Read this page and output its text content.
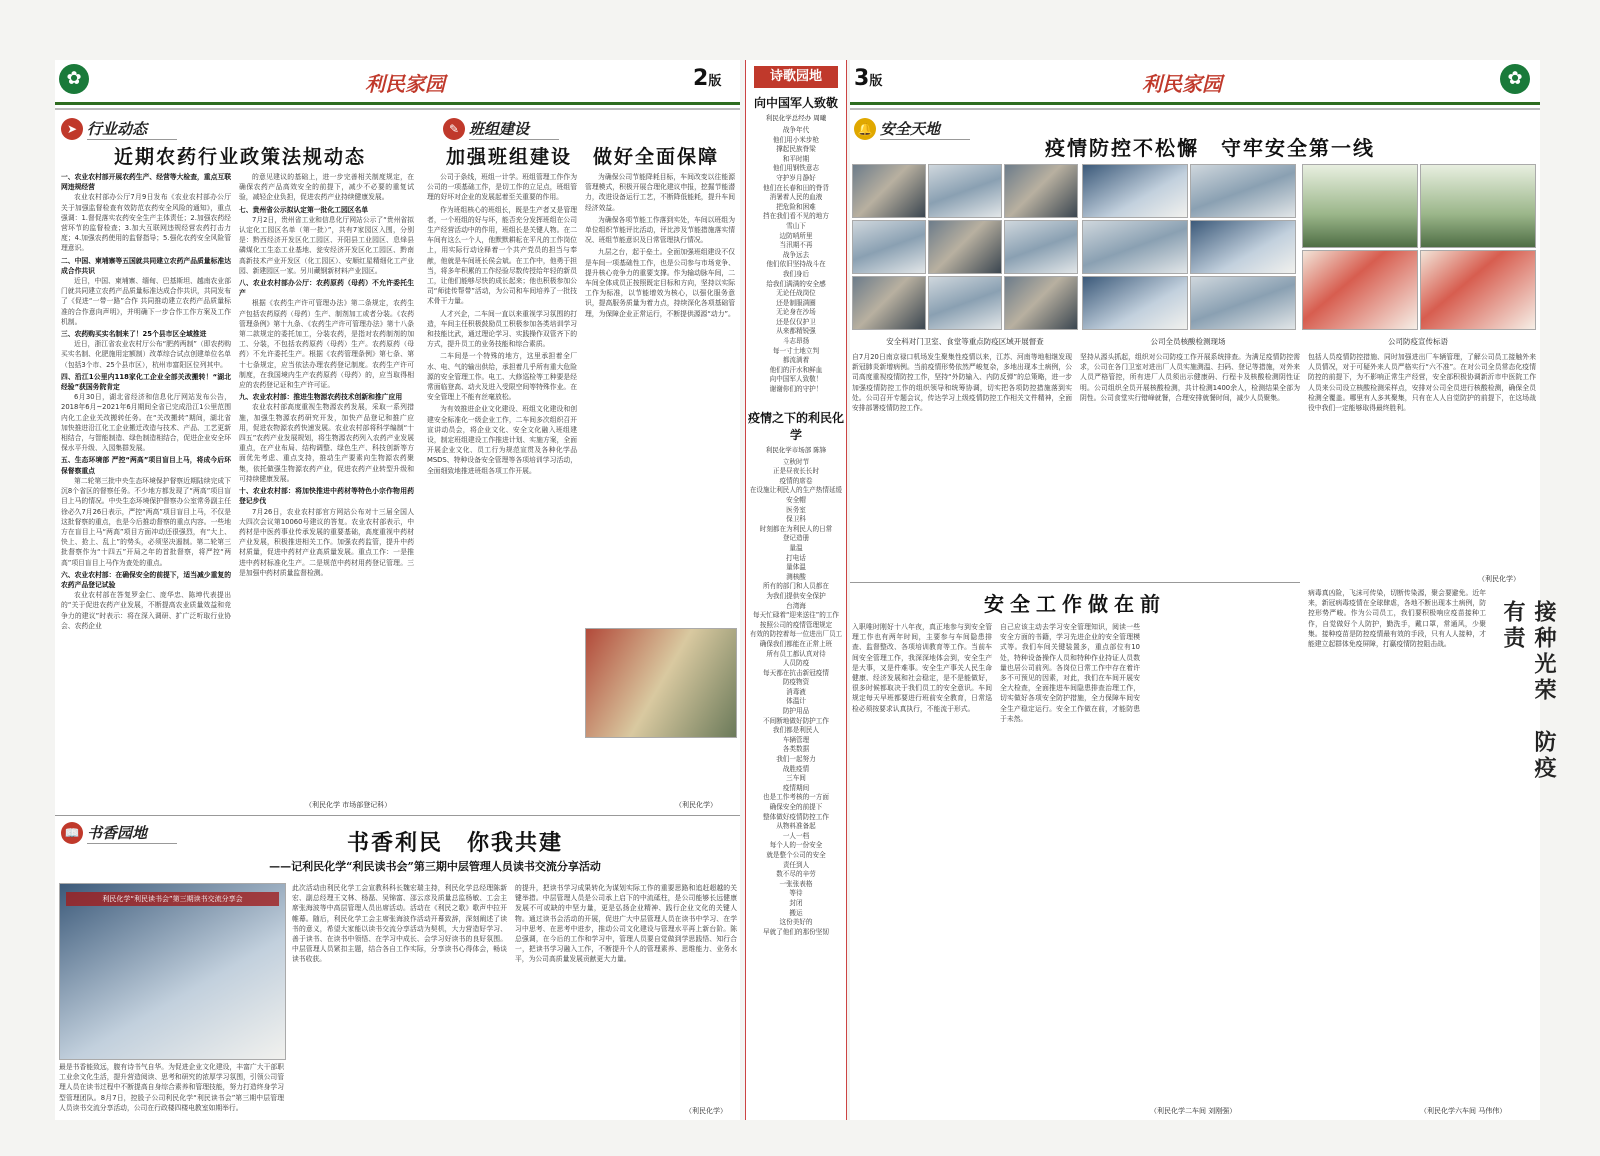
✿	利民家园	2版
➤ 行业动态
近期农药行业政策法规动态
一、农业农村部开展农药生产、经营等大检查，重点互联网违规经营

农业农村部办公厅7月9日发布《农业农村部办公厅关于加强监督检查有效防范农药安全风险的通知》，重点强调：1.督促落实农药安全生产主体责任；2.加强农药经营环节的监督检查；3.加大互联网违规经营农药打击力度；4.加强农药使用的监督指导；5.强化农药安全风险管理意识。

二、中国、柬埔寨等五国就共同建立农药产品质量标准达成合作共识

近日，中国、柬埔寨、缅甸、巴基斯坦、越南农业部门就共同建立农药产品质量标准达成合作共识，共同发布了《促进“一带一路”合作 共同推动建立农药产品质量标准的合作意向声明》，并明确下一步合作工作方案及工作机制。

三、农药购买实名制来了！25个县市区全域推进

近日，浙江省农业农村厅公布“肥药两制”（即农药购买实名制、化肥施用定额制）改革综合试点创建单位名单（包括3个市、25个县市区），杭州市富阳区位列其中。

四、沿江1公里内118家化工企业全部关改搬转！“湖北经验”获国务院肯定

6月30日，湖北省经济和信息化厅网站发布公告，2018年6月~2021年6月期间全省已完成沿江1公里范围内化工企业关改搬转任务。在“关改搬转”期间，湖北省加快推进沿江化工企业搬迁改造与技术、产品、工艺更新相结合，与智能制造、绿色制造相结合，促进企业安全环保水平升级、入园集群发展。

五、生态环境部 严控“两高”项目盲目上马，将成今后环保督察重点

第二轮第三批中央生态环境保护督察近期陆续完成下沉8个省区的督察任务。不少地方都发现了“两高”项目盲目上马的情况。中央生态环境保护督察办公室常务副主任徐必久7月26日表示，严控“两高”项目盲目上马，不仅是这批督察的重点，也是今后推动督察的重点内容。一些地方在盲目上马“两高”项目方面冲动还很强烈，有“大上、快上、抢上、乱上”的势头，必须坚决遏制。第二轮第三批督察作为“十四五”开局之年的首批督察，将严控“两高”项目盲目上马作为查处的重点。

六、农业农村部：在确保安全的前提下，适当减少重复的农药产品登记试验

农业农村部在答复罗金仁、庞华忠、陈坤代表提出的“关于促进农药产业发展，不断提高农业质量效益和竞争力的建议”时表示：将在深入调研、扩广泛听取行业协会、农药企业

的意见建议的基础上，进一步完善相关制度规定，在确保农药产品高效安全的前提下，减少不必要的重复试验，减轻企业负担，促进农药产业持续健康发展。

七、贵州省公示拟认定第一批化工园区名单

7月2日，贵州省工业和信息化厅网站公示了“贵州省拟认定化工园区名单（第一批）”，共有7家园区入围，分别是：黔西经济开发区化工园区、开阳县工业园区、息烽县磷煤化工生态工业基地、瓮安经济开发区化工园区、黔南高新技术产业开发区（化工园区）、安顺红星精细化工产业园、新建园区一家。另川藏钢新材料产业园区。

八、农业农村部办公厅：农药原药（母药）不允许委托生产

根据《农药生产许可管理办法》第二条规定，农药生产包括农药原药（母药）生产、制剂加工或者分装。《农药管理条例》第十九条、《农药生产许可管理办法》第十八条第二款规定的委托加工，分装农药，是指对农药制剂的加工、分装，不包括农药原药（母药）生产。农药原药（母药）不允许委托生产。根据《农药管理条例》第七条、第十七条规定，应当依法办理农药登记制度。农药生产许可制度，在我国境内生产农药原药（母药）的，应当取得相应的农药登记证和生产许可证。

九、农业农村部：推进生物源农药技术创新和推广应用

农业农村部高度重视生物源农药发展，采取一系列措施，加强生物源农药研究开发，加快产品登记和推广应用，促进农物源农药快速发展。农业农村部将科学编制“十四五”农药产业发展规划，将生物源农药列入农药产业发展重点，在产业布局、结构调整、绿色生产、科技创新等方面优先考虑、重点支持，推动生产要素向生物源农药聚集，依托做强生物源农药产业，促进农药产业转型升级和可持续健康发展。

十、农业农村部：将加快推进中药材等特色小宗作物用药登记步伐

7月26日，农业农村部官方网站公布对十三届全国人大四次会议第10060号建议的答复。农业农村部表示，中药材是中医药事业传承发展的重要基础，高度重视中药材产业发展，积极推进相关工作。加强农药监管，提升中药材质量，促进中药材产业高质量发展。重点工作：一是推进中药材标准化生产。二是规范中药材用药登记管理。三是加强中药材质量监督检测。

（利民化学 市场部登记科）
✎ 班组建设
加强班组建设　做好全面保障

公司于条线，班组一计学。班组管理工作作为公司的一项基础工作，是切工作的立足点，班组管理的好坏对企业的发展起着至关重要的作用。

作为班组核心的班组长，既是生产者又是管理者，一个班组的好与坏，能否充分发挥班组在公司生产经营活动中的作用，班组长是关键人物。在二车间有这么一个人，他默默耕耘在平凡的工作岗位上，用实际行动诠释着一个共产党员的担当与奉献，他就是车间班长侯会斌。在工作中，他勇于担当，将多年积累的工作经验尽数传授给年轻的新员工，让他们能够尽快的成长起来；他也积极参加公司“师徒传帮带”活动，为公司和车间培养了一批技术骨干力量。

人才兴企，二车间一直以来重视学习氛围的打造，车间主任积极鼓励员工积极参加各类培训学习和技能比武，通过理论学习、实践操作双管齐下的方式，提升员工的业务技能和综合素质。

二车间是一个特殊的地方，这里承担着全厂水、电、气的输出供给，承担着几乎所有重大危险源的安全管理工作。电工、大修巡检等工种要是经常面临登高、动火及进入受限空间等特殊作业。在安全管理上不能有丝毫放松。

为有效推进企业文化建设、班组文化建设和创建安全标准化一级企业工作，二车间多次组织召开宣讲动员会，将企业文化、安全文化融入班组建设，制定班组建设工作推进计划、实施方案，全面开展企业文化、员工行为规范宣贯及各种化学品MSDS、特种设备安全管理等各项培训学习活动，全面细致地推进班组各项工作开展。

为确保公司节能降耗目标，车间改变以往能源管理模式，积极开展合理化建议申报，挖掘节能潜力，改进设备运行工艺，不断降低能耗，提升车间经济效益。

为确保各项节能工作落到实处，车间以班组为单位组织节能评比活动，评比涉及节能措施落实情况、班组节能意识及日常管理执行情况。

九层之台，起于垒土。全面加强班组建设不仅是车间一项基础性工作，也是公司参与市场竞争、提升核心竞争力的重要支撑。作为输动脉车间，二车间全体成员正按照既定目标和方向，坚持以实际工作为标准，以节能增效为核心，以强化服务意识，提高服务质量为着力点，持续深化各项基础管理，为保障企业正常运行，不断提供源源“动力”。

（利民化学）
📖 书香园地	书香利民　你我共建
——记利民化学“利民读书会”第三期中层管理人员读书交流分享活动
利民化学“利民读书会”第三期读书交流分享会
最是书香能致远，腹有诗书气自华。为促进企业文化建设，丰富广大干部职工业余文化生活，提升营造阅读、思考和研究的浓厚学习氛围，引领公司管理人员在读书过程中不断提高自身综合素养和管理技能，努力打造终身学习型管理团队。8月7日，控股子公司利民化学“利民读书会”第三期中层管理人员读书交流分享活动，公司在行政楼四楼电教室如期举行。
此次活动由利民化学工会宣教科科长魏宏瑞主持，利民化学总经理陈新宏、副总经理王文林、杨磊、吴锦富、邵云彦及质量总监杨敏、工会主席张海波等中高层管理人员出席活动。活动在《利民之歌》歌声中拉开帷幕。随后，利民化学工会主席张海波作活动开幕致辞，深刻阐述了读书的意义，希望大家能以读书交流分享活动为契机，大力营造好学习、善于读书、在读书中领悟、在学习中成长、会学习好读书的良好氛围。中层管理人员紧扣主题，结合各自工作实际，分享读书心得体会，畅谈读书收获。
的提升，把读书学习成果转化为谋划实际工作的重要思路和追赶超越的关键举措。中层管理人员是公司承上启下的中流砥柱，是公司能够长远健康发展不可或缺的中坚力量，更是弘扬企业精神、践行企业文化的关键人物。通过读书会活动的开展，促进广大中层管理人员在读书中学习、在学习中思考、在思考中进步，推动公司文化建设与管理水平再上新台阶。陈总强调，在今后的工作和学习中，管理人员要自觉做到学思践悟、知行合一，把读书学习融入工作，不断提升个人的管理素养、思维能力、业务水平，为公司高质量发展贡献更大力量。
（利民化学）
诗歌园地
向中国军人致敬
利民化学总经办 周曦
战争年代
他们用小米步枪
撑起民族脊梁
和平时期
他们用钢铁意志
守护岁月静好
他们在长春和田的脊背
消暑着人民的血液
把危险和困难
挡在我们看不见的地方
雪山下
边防哨所里
当汛期不再
战争远去
他们依旧坚持战斗在
我们身后
给我们满满的安全感
无论任战岗位
还是制服满圈
无论身在沙场
还是仅仅护卫
从来都精锐强
斗志昂扬
每一寸土地立判
都流淌着
他们的汗水和鲜血
向中国军人致敬！
谢谢你们的守护！
疫情之下的利民化学
利民化学市场部 陈锋
立秋时节
正是昼夜长长时
疫情的席卷
在设施让利民人的生产热情延缓
安全帽
医务室
保卫科
时刻都在为利民人的日常
登记造册
量温
打电话
量体温
测核酸
所有的部门和人员都在
为我们提供安全保护
台湾海
每天忙碌着“迎来送往”的工作
按照公司的疫情管理规定
有效的防控着每一位进出厂员工
确保我们都能在正常上班
所有员工都认真对待
人员防疫
每天都在抗击新冠疫情
防疫物资
消毒液
体温计
防护用品
不间断地做好防护工作
我们都是利民人
车辆管理
各类数据
我们一起努力
战胜疫情
三车间
疫情期间
也是工作考核的一方面
确保安全的前提下
整体做好疫情防控工作
从物料准备起
一人一档
每个人的一份安全
就是整个公司的安全
责任到人
数不尽的辛劳
一张张表格
等待
封闭
搬运
这份美好的
早就了他们的那份坚韧
3版	利民家园	✿
🔔 安全天地
疫情防控不松懈　守牢安全第一线
安全科对门卫室、食堂等重点防疫区域开展督查	公司全员核酸检测现场	公司防疫宣传标语
自7月20日南京禄口机场发生聚集性疫情以来，江苏、河南等地相继发现新冠肺炎新增病例。当前疫情形势依然严峻复杂，多地出现本土病例，公司高度重视疫情防控工作，坚持“外防输入、内防反弹”的总策略，进一步加强疫情防控工作的组织领导和统筹协调，切实把各项防控措施落到实处。公司召开专题会议，传达学习上级疫情防控工作相关文件精神，全面安排部署疫情防控工作。
坚持从源头抓起，组织对公司防疫工作开展系统排查。为满足疫情防控需求，公司在各门卫室对进出厂人员实施测温、扫码、登记等措施，对外来人员严格管控，所有进厂人员须出示健康码、行程卡及核酸检测阴性证明。公司组织全员开展核酸检测，共计检测1400余人，检测结果全部为阴性。公司食堂实行错峰就餐，合理安排就餐时间，减少人员聚集。
包括人员疫情防控措施、同时加强进出厂车辆管理，了解公司员工接触外来人员情况，对于可疑外来人员严格实行“六不准”。在对公司全员常态化疫情防控的前提下，为不影响正常生产经营，安全部积极协调新沂市中医院工作人员来公司设立核酸检测采样点，安排对公司全员进行核酸检测，确保全员检测全覆盖。哪里有人多其聚集，只有在人人自觉防护的前提下，在这场战役中我们一定能够取得最终胜利。
（利民化学）
安全工作做在前
入职唯时刚好十八年夜，真正地参与到安全管理工作也有两年时间，主要参与车间隐患排查、监督整改、各项培训教育等工作。当前车间安全管理工作，我深深地体会到，安全生产是大事，又是件难事。安全生产事关人民生命健康、经济发展和社会稳定，是不是能做好，很多时候都取决于我们员工的安全意识。车间规定每天早班都要进行班前安全教育，日常巡检必须按要求认真执行，不能流于形式。
自己应该主动去学习安全管理知识，阅读一些安全方面的书籍，学习先进企业的安全管理模式等。我们车间关键装置多，重点部位有10处，特种设备操作人员和特种作业持证人员数量也居公司前列。各岗位日常工作中存在着许多不可预见的因素，对此，我们在车间开展安全大检查，全面推进车间隐患排查治理工作，切实做好各项安全防护措施，全力保障车间安全生产稳定运行。安全工作做在前，才能防患于未然。
（利民化学二车间 刘刚强）
病毒真凶险，飞沫可传染，切断传染源，聚会要避免。近年来，新冠病毒疫情在全球肆虐，各地不断出现本土病例，防控形势严峻。作为公司员工，我们要积极响应疫苗接种工作，自觉做好个人防护，勤洗手，戴口罩，常通风，少聚集。接种疫苗是防控疫情最有效的手段，只有人人接种，才能建立起群体免疫屏障，打赢疫情防控阻击战。	接种光荣　防疫有责
（利民化学六车间 马伟伟）
